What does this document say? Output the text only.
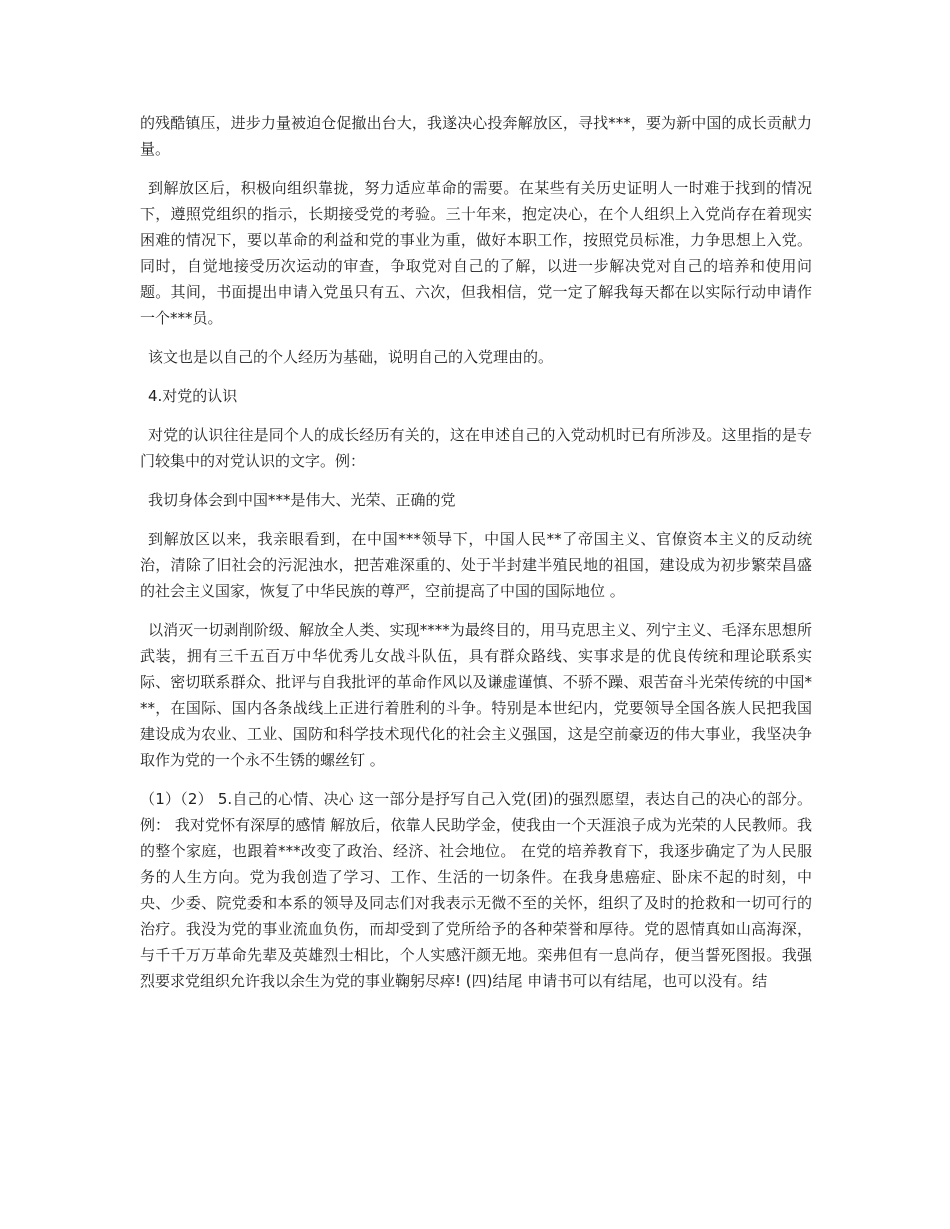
的残酷镇压，进步力量被迫仓促撤出台大，我遂决心投奔解放区，寻找***，要为新中国的成长贡献力量。

到解放区后，积极向组织靠拢，努力适应革命的需要。在某些有关历史证明人一时难于找到的情况下，遵照党组织的指示，长期接受党的考验。三十年来，抱定决心，在个人组织上入党尚存在着现实困难的情况下，要以革命的利益和党的事业为重，做好本职工作，按照党员标准，力争思想上入党。同时，自觉地接受历次运动的审查，争取党对自己的了解，以进一步解决党对自己的培养和使用问题。其间，书面提出申请入党虽只有五、六次，但我相信，党一定了解我每天都在以实际行动申请作一个***员。

该文也是以自己的个人经历为基础，说明自己的入党理由的。

4.对党的认识

对党的认识往往是同个人的成长经历有关的，这在申述自己的入党动机时已有所涉及。这里指的是专门较集中的对党认识的文字。例：

我切身体会到中国***是伟大、光荣、正确的党

到解放区以来，我亲眼看到，在中国***领导下，中国人民**了帝国主义、官僚资本主义的反动统治，清除了旧社会的污泥浊水，把苦难深重的、处于半封建半殖民地的祖国，建设成为初步繁荣昌盛的社会主义国家，恢复了中华民族的尊严，空前提高了中国的国际地位 。

以消灭一切剥削阶级、解放全人类、实现****为最终目的，用马克思主义、列宁主义、毛泽东思想所武装，拥有三千五百万中华优秀儿女战斗队伍，具有群众路线、实事求是的优良传统和理论联系实际、密切联系群众、批评与自我批评的革命作风以及谦虚谨慎、不骄不躁、艰苦奋斗光荣传统的中国***，在国际、国内各条战线上正进行着胜利的斗争。特别是本世纪内，党要领导全国各族人民把我国建设成为农业、工业、国防和科学技术现代化的社会主义强国，这是空前豪迈的伟大事业，我坚决争取作为党的一个永不生锈的螺丝钉 。

（1）（2） 5.自己的心情、决心 这一部分是抒写自己入党(团)的强烈愿望，表达自己的决心的部分。例： 我对党怀有深厚的感情 解放后，依靠人民助学金，使我由一个天涯浪子成为光荣的人民教师。我的整个家庭，也跟着***改变了政治、经济、社会地位。 在党的培养教育下，我逐步确定了为人民服务的人生方向。党为我创造了学习、工作、生活的一切条件。在我身患癌症、卧床不起的时刻，中央、少委、院党委和本系的领导及同志们对我表示无微不至的关怀，组织了及时的抢救和一切可行的治疗。我没为党的事业流血负伤，而却受到了党所给予的各种荣誉和厚待。党的恩情真如山高海深，与千千万万革命先辈及英雄烈士相比，个人实感汗颜无地。栾弗但有一息尚存，便当誓死图报。我强烈要求党组织允许我以余生为党的事业鞠躬尽瘁! (四)结尾 申请书可以有结尾，也可以没有。结
